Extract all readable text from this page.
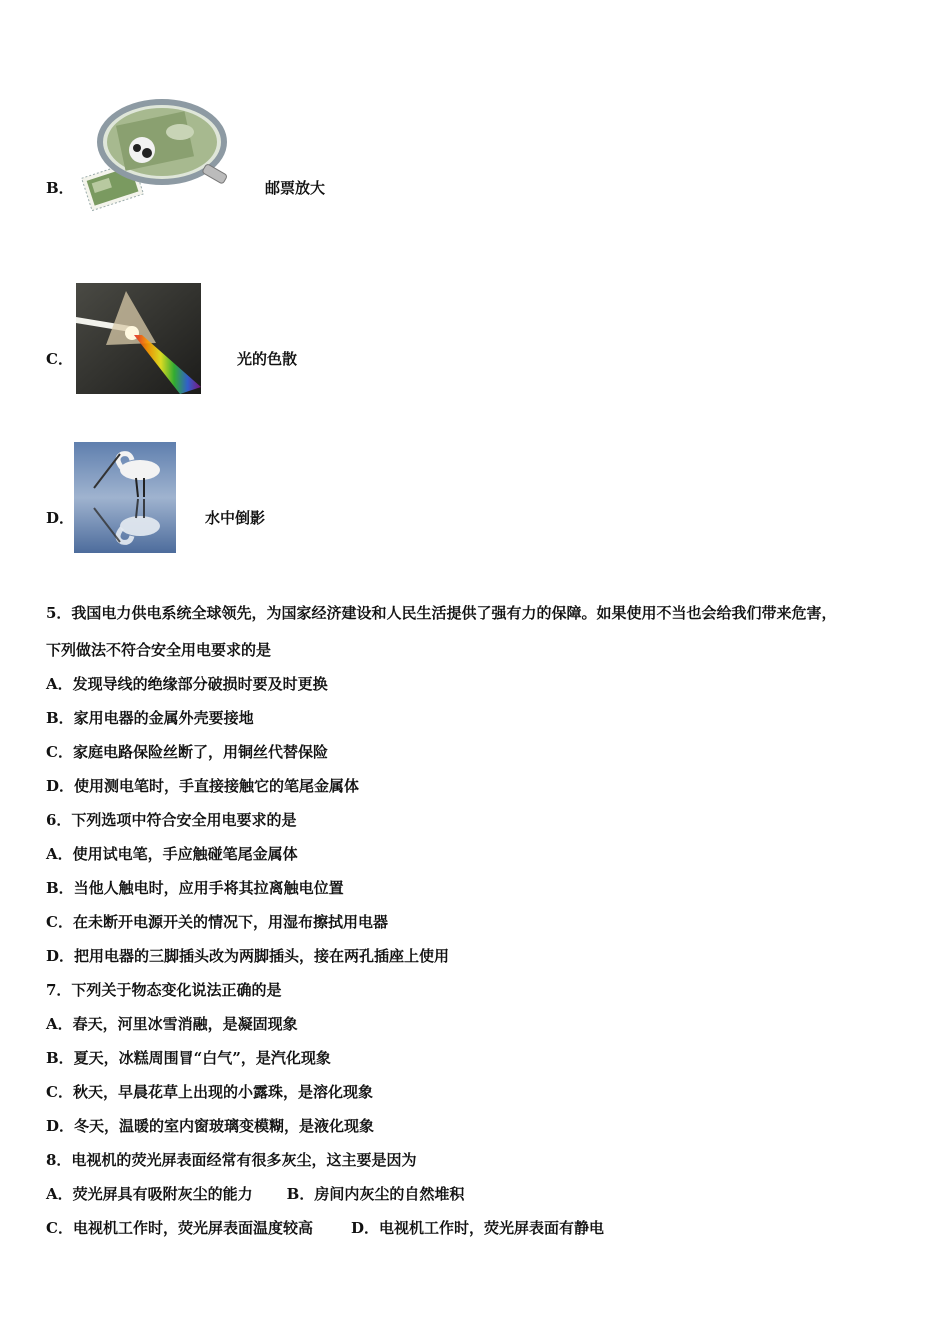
B．	邮票放大
C．	光的色散
D．	水中倒影
5．我国电力供电系统全球领先，为国家经济建设和人民生活提供了强有力的保障。如果使用不当也会给我们带来危害，
下列做法不符合安全用电要求的是
A．发现导线的绝缘部分破损时要及时更换
B．家用电器的金属外壳要接地
C．家庭电路保险丝断了，用铜丝代替保险
D．使用测电笔时，手直接接触它的笔尾金属体
6．下列选项中符合安全用电要求的是
A．使用试电笔，手应触碰笔尾金属体
B．当他人触电时，应用手将其拉离触电位置
C．在未断开电源开关的情况下，用湿布擦拭用电器
D．把用电器的三脚插头改为两脚插头，接在两孔插座上使用
7．下列关于物态变化说法正确的是
A．春天，河里冰雪消融，是凝固现象
B．夏天，冰糕周围冒“白气”，是汽化现象
C．秋天，早晨花草上出现的小露珠，是溶化现象
D．冬天，温暖的室内窗玻璃变模糊，是液化现象
8．电视机的荧光屏表面经常有很多灰尘，这主要是因为
A．荧光屏具有吸附灰尘的能力 B．房间内灰尘的自然堆积
C．电视机工作时，荧光屏表面温度较高	D．电视机工作时，荧光屏表面有静电
